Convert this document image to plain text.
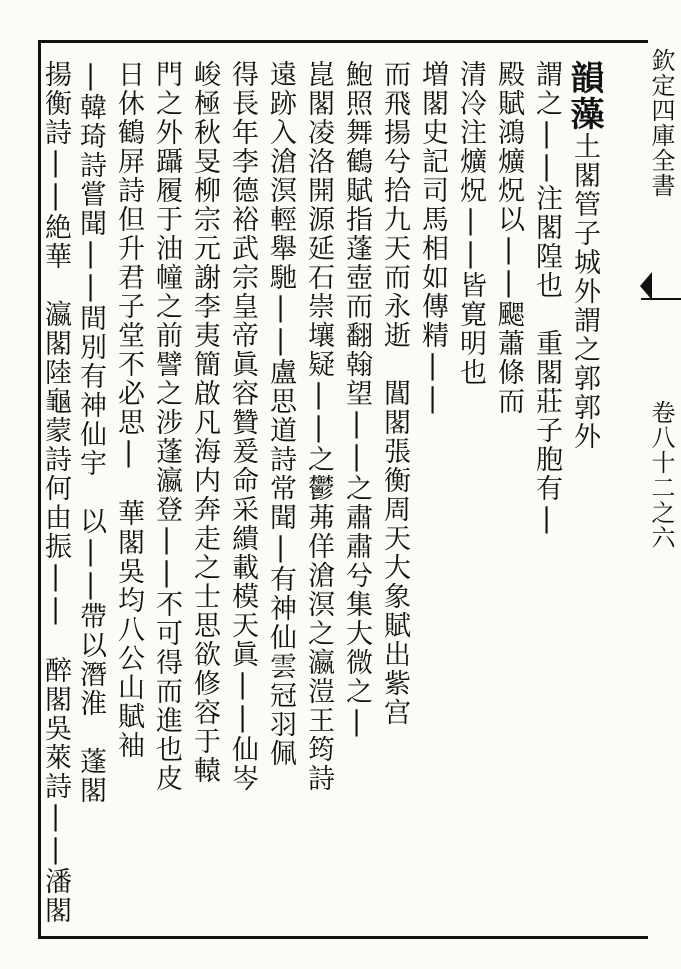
欽定四庫全書
卷八十二之六
韻藻土閣管子城外謂之郭郭外
謂之||注閣隍也　重閣莊子胞有|
殿賦鴻爌炾以||颸蕭條而
清冷注爌炾||皆寛明也
増閣史記司馬相如傳精||
而飛揚兮拾九天而永逝　閶閣張衡周天大象賦出紫宫
鮑照舞鶴賦指蓬壺而翻翰望||之肅肅兮集大微之|
崑閣凌洛開源延石崇壤疑||之鬱茀佯滄溟之瀛溰王筠詩
遠跡入滄溟輕舉馳||盧思道詩常聞|有神仙雲冠羽佩
得長年李德裕武宗皇帝眞容贊爰命采繢載模天眞||仙岑
峻極秋旻柳宗元謝李夷簡啟凡海内奔走之士思欲修容于轅
門之外躡履于油幢之前譬之涉蓬瀛登||不可得而進也皮
日休鶴屏詩但升君子堂不必思|　華閣吳均八公山賦袖
|韓琦詩嘗聞||間別有神仙宇　以||帶以潛淮　蓬閣
揚衡詩||絶華　瀛閣陸龜蒙詩何由振||　醉閣吳萊詩||潘閣
